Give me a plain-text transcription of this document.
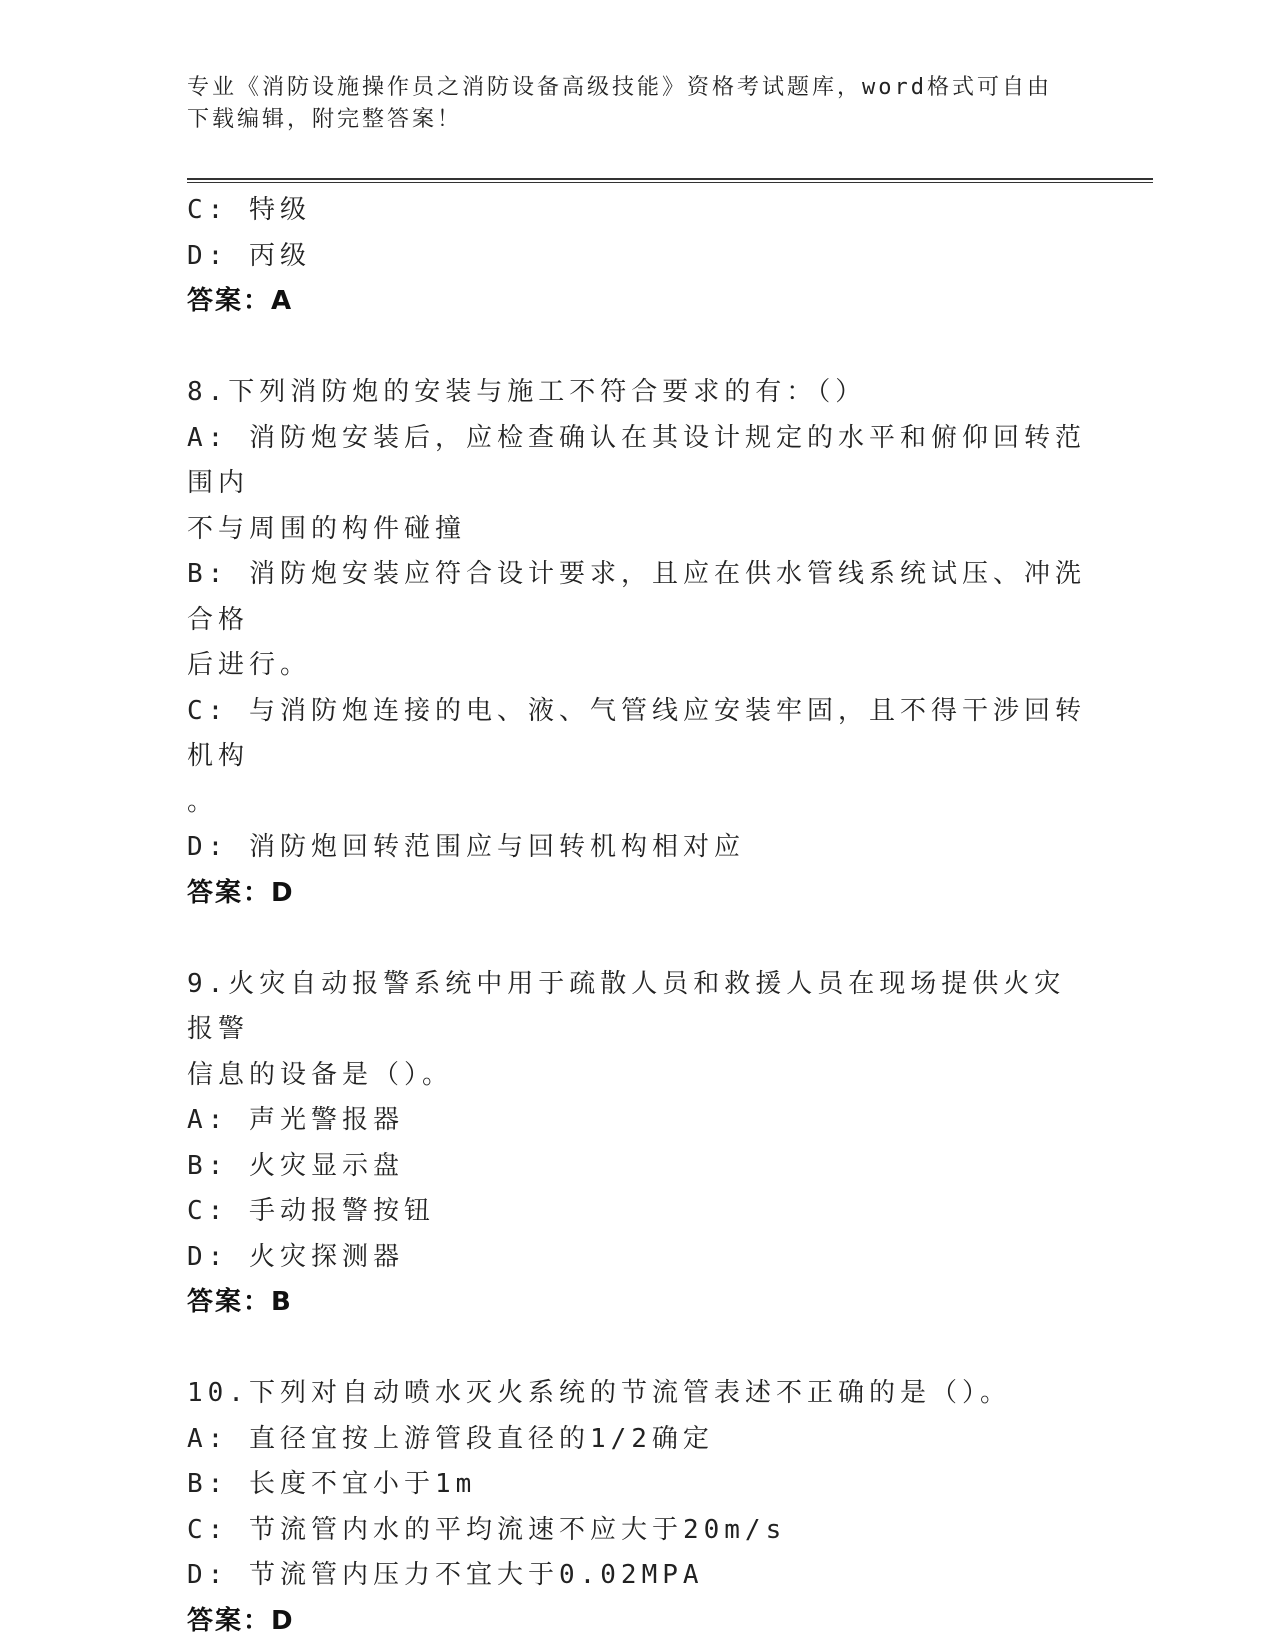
专业《消防设施操作员之消防设备高级技能》资格考试题库，word格式可自由下载编辑，附完整答案！
C: 特级
D: 丙级
答案：A
8.下列消防炮的安装与施工不符合要求的有：（）
A: 消防炮安装后，应检查确认在其设计规定的水平和俯仰回转范围内
不与周围的构件碰撞
B: 消防炮安装应符合设计要求，且应在供水管线系统试压、冲洗合格
后进行。
C: 与消防炮连接的电、液、气管线应安装牢固，且不得干涉回转机构
。
D: 消防炮回转范围应与回转机构相对应
答案：D
9.火灾自动报警系统中用于疏散人员和救援人员在现场提供火灾报警
信息的设备是（）。
A: 声光警报器
B: 火灾显示盘
C: 手动报警按钮
D: 火灾探测器
答案：B
10.下列对自动喷水灭火系统的节流管表述不正确的是（）。
A: 直径宜按上游管段直径的1/2确定
B: 长度不宜小于1m
C: 节流管内水的平均流速不应大于20m/s
D: 节流管内压力不宜大于0.02MPA
答案：D
